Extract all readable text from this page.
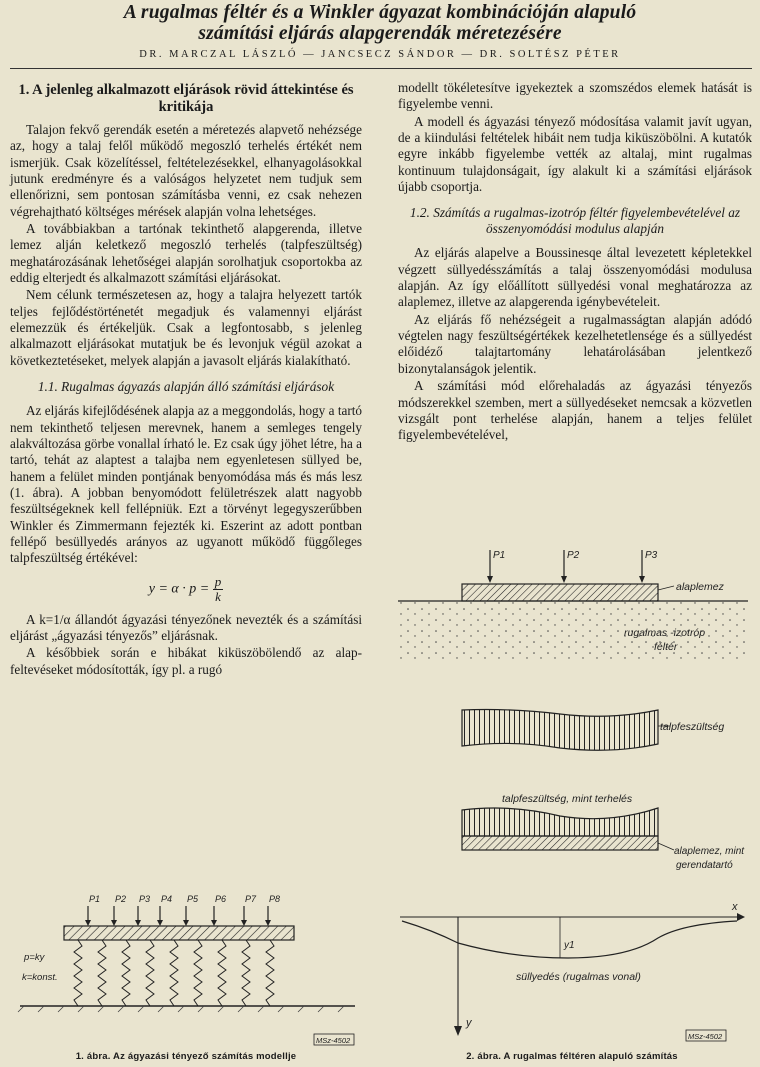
A rugalmas féltér és a Winkler ágyazat kombinációján alapuló
számítási eljárás alapgerendák méretezésére
DR. MARCZAL LÁSZLÓ — JANCSECZ SÁNDOR — DR. SOLTÉSZ PÉTER
1. A jelenleg alkalmazott eljárások rövid áttekintése és kritikája

Talajon fekvő gerendák esetén a méretezés alapvető nehézsége az, hogy a talaj felől működő megoszló terhelés értékét nem ismerjük. Csak közelítéssel, feltételezésekkel, elhanyagolásokkal jutunk eredményre és a valóságos helyzetet nem tudjuk sem ellenőrizni, sem pontosan számításba venni, ez csak nehezen végrehajtható költséges mérések alapján volna lehetséges.

A továbbiakban a tartónak tekinthető alapgerenda, illetve lemez alján keletkező megoszló terhelés (talpfeszültség) meghatározásának lehetőségei alapján sorolhatjuk csoportokba az eddig elterjedt és alkalmazott számítási eljárásokat.

Nem célunk természetesen az, hogy a talajra helyezett tartók teljes fejlődéstörténetét megadjuk és valamennyi eljárást elemezzük és értékeljük. Csak a legfontosabb, s jelenleg alkalmazott eljárásokat mutatjuk be és levonjuk végül azokat a következtetéseket, melyek alapján a javasolt eljárás kialakítható.

1.1. Rugalmas ágyazás alapján álló számítási eljárások

Az eljárás kifejlődésének alapja az a meggondolás, hogy a tartó nem tekinthető teljesen merevnek, hanem a semleges tengely alakváltozása görbe vonallal írható le. Ez csak úgy jöhet létre, ha a tartó, tehát az alaptest a talajba nem egyenletesen süllyed be, hanem a felület minden pontjának benyomódása más és más lesz (1. ábra). A jobban benyomódott felületrészek alatt nagyobb feszültségeknek kell fellépniük. Ezt a törvényt legegyszerűbben Winkler és Zimmermann fejezték ki. Eszerint az adott pontban fellépő besüllyedés arányos az ugyanott működő függőleges talpfeszültség értékével:

$y = \alpha \cdot p = \frac{p}{k}$

A k=1/α állandót ágyazási tényezőnek nevezték és a számítási eljárást „ágyazási tényezős” eljárásnak.

A későbbiek során e hibákat kiküszöbölendő az alap-feltevéseket módosították, így pl. a rugó

modellt tökéletesítve igyekeztek a szomszédos elemek hatását is figyelembe venni.

A modell és ágyazási tényező módosítása valamit javít ugyan, de a kiindulási feltételek hibáit nem tudja kiküszöbölni. A kutatók egyre inkább figyelembe vették az altalaj, mint rugalmas kontinuum tulajdonságait, így alakult ki a számítási eljárások újabb csoportja.

1.2. Számítás a rugalmas-izotróp féltér figyelembevételével az összenyomódási modulus alapján

Az eljárás alapelve a Boussinesqe által levezetett képletekkel végzett süllyedésszámítás a talaj összenyomódási modulusa alapján. Az így előállított süllyedési vonal meghatározza az alaplemez, illetve az alapgerenda igénybevételeit.

Az eljárás fő nehézségeit a rugalmasságtan alapján adódó végtelen nagy feszültségértékek kezelhetetlensége és a süllyedést előidéző talajtartomány lehatárolásában jelentkező bizonytalanságok jelentik.

A számítási mód előrehaladás az ágyazási tényezős módszerekkel szemben, mert a süllyedéseket nemcsak a közvetlen vizsgált pont terhelése alapján, hanem a teljes felület figyelembevételével,

P1 P2 P3 P4 P5 P6 P7 P8
p=ky
k=konst.
MSz-4502
1. ábra. Az ágyazási tényező számítás modellje
P1	P2	P3
alaplemez
rugalmas -izotróp
féltér
talpfeszültség
talpfeszültség, mint terhelés
alaplemez, mint
gerendatartó
x
y
y1
süllyedés (rugalmas vonal)
MSz-4502
2. ábra. A rugalmas féltéren alapuló számítás
